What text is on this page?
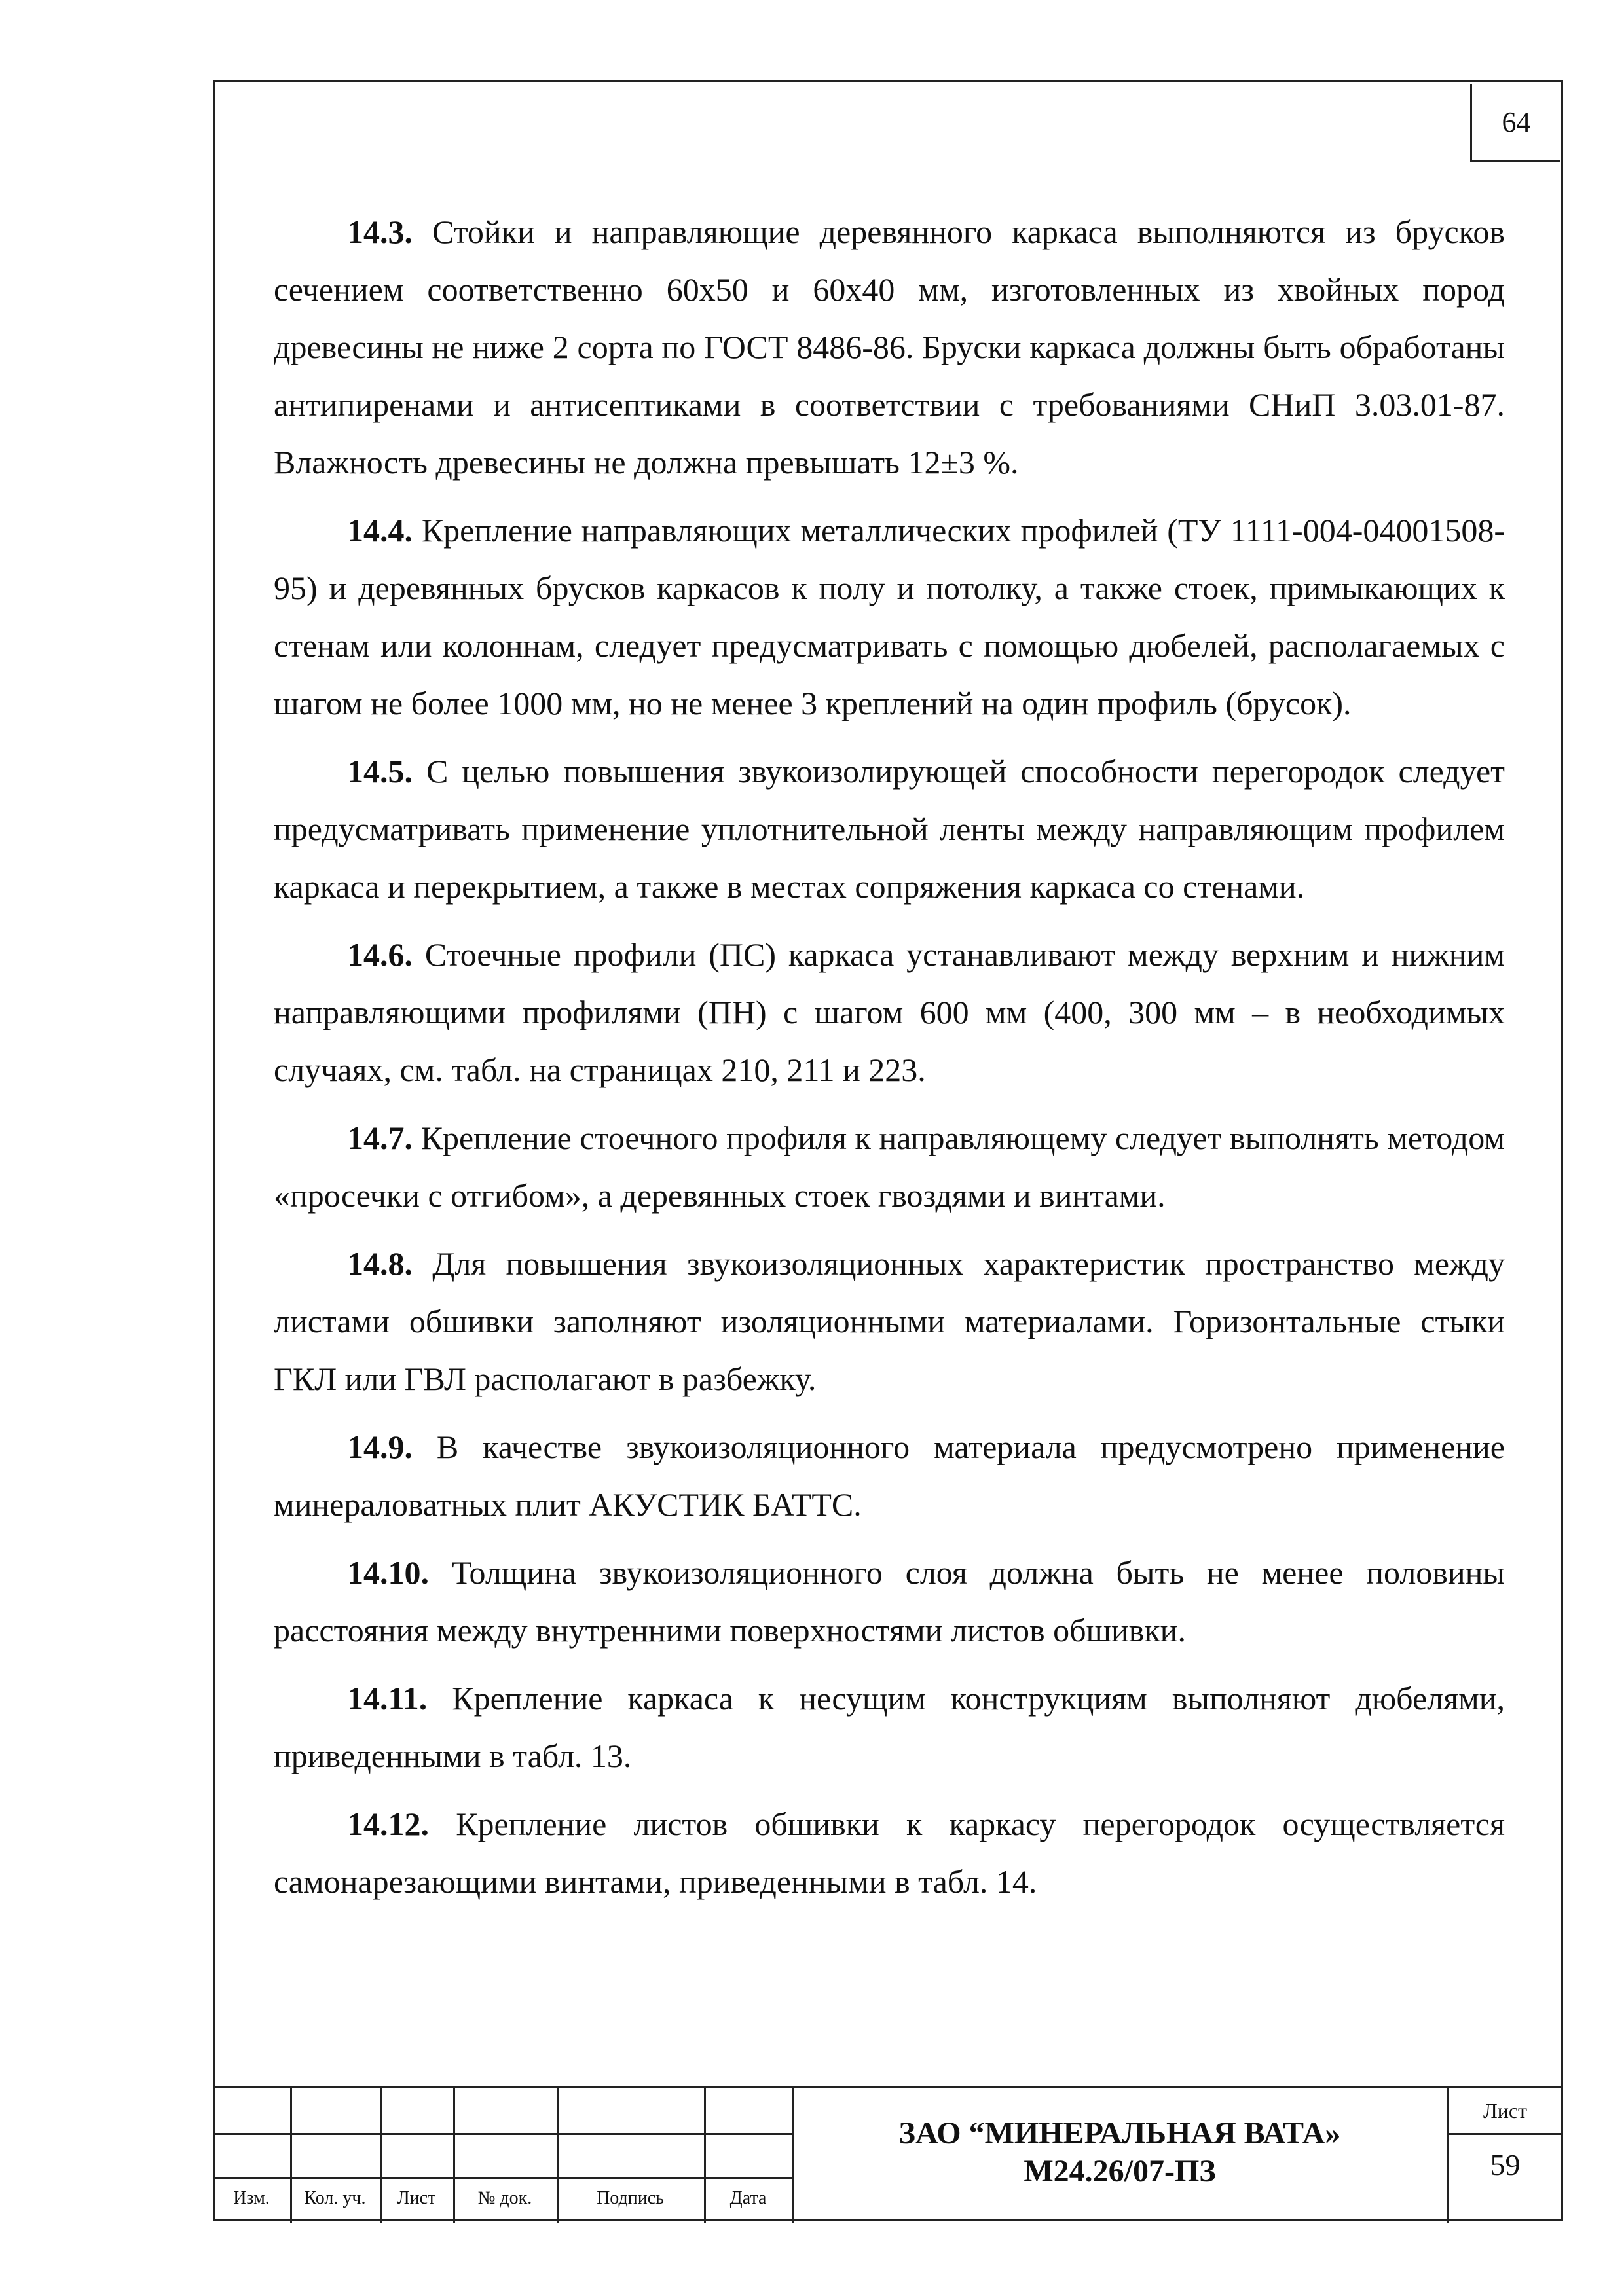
64

14.3. Стойки и направляющие деревянного каркаса выполняются из брусков сечением соответственно 60х50 и 60х40 мм, изготовленных из хвойных пород древесины не ниже 2 сорта по ГОСТ 8486-86. Бруски каркаса должны быть обработаны антипиренами и антисептиками в соответствии с требованиями СНиП 3.03.01-87. Влажность древесины не должна превышать 12±3 %.

14.4. Крепление направляющих металлических профилей (ТУ 1111-004-04001508-95) и деревянных брусков каркасов к полу и потолку, а также стоек, примыкающих к стенам или колоннам, следует предусматривать с помощью дюбелей, располагаемых с шагом не более 1000 мм, но не менее 3 креплений на один профиль (брусок).

14.5. С целью повышения звукоизолирующей способности перегородок следует предусматривать применение уплотнительной ленты между направляющим профилем каркаса и перекрытием, а также в местах сопряжения каркаса со стенами.

14.6. Стоечные профили (ПС) каркаса устанавливают между верхним и нижним направляющими профилями (ПН) с шагом 600 мм (400, 300 мм – в необходимых случаях, см. табл. на страницах 210, 211 и 223.

14.7. Крепление стоечного профиля к направляющему следует выполнять методом «просечки с отгибом», а деревянных стоек гвоздями и винтами.

14.8. Для повышения звукоизоляционных характеристик пространство между листами обшивки заполняют изоляционными материалами. Горизонтальные стыки ГКЛ или ГВЛ располагают в разбежку.

14.9. В качестве звукоизоляционного материала предусмотрено применение минераловатных плит АКУСТИК БАТТС.

14.10. Толщина звукоизоляционного слоя должна быть не менее половины расстояния между внутренними поверхностями листов обшивки.

14.11. Крепление каркаса к несущим конструкциям выполняют дюбелями, приведенными в табл. 13.

14.12. Крепление листов обшивки к каркасу перегородок осуществляется самонарезающими винтами, приведенными в табл. 14.

Изм.	Кол. уч.	Лист	№ док.	Подпись	Дата
ЗАО “МИНЕРАЛЬНАЯ ВАТА»
М24.26/07-ПЗ
Лист
59
